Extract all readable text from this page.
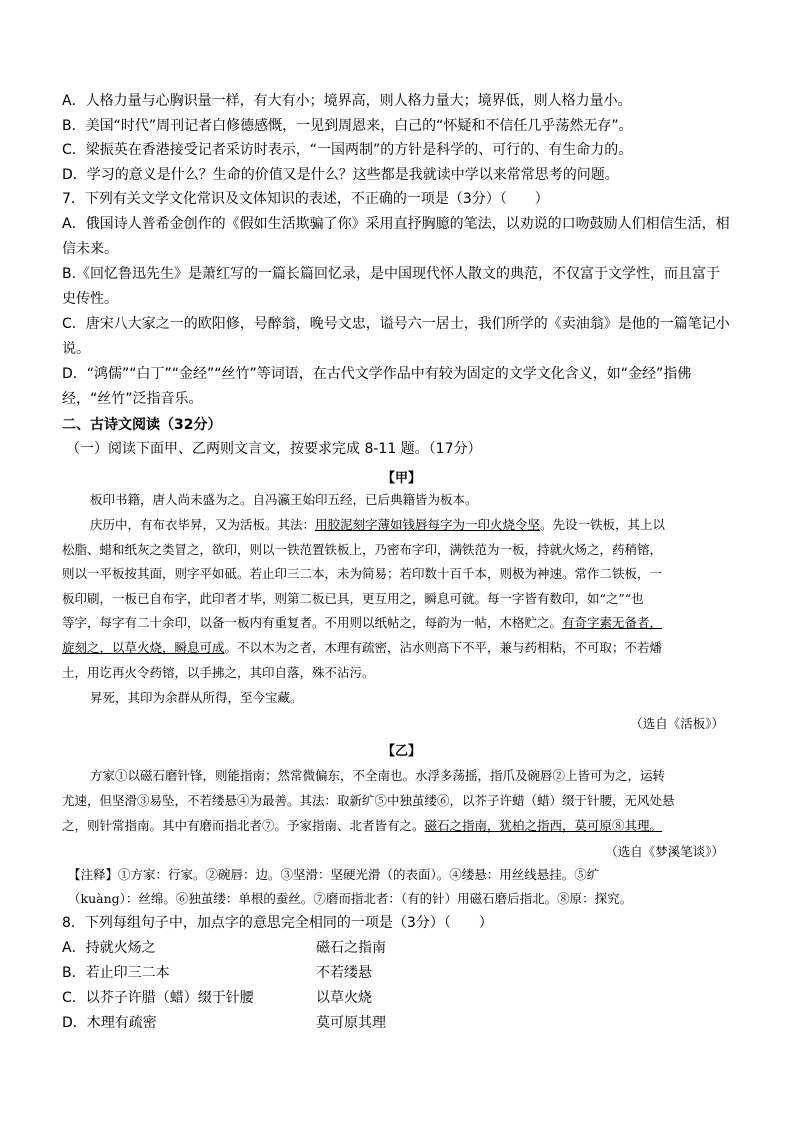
A．人格力量与心胸识量一样，有大有小；境界高，则人格力量大；境界低，则人格力量小。
B．美国“时代”周刊记者白修德感慨，一见到周恩来，白己的“怀疑和不信任几乎荡然无存”。
C．梁振英在香港接受记者采访时表示，“一国两制”的方针是科学的、可行的、有生命力的。
D．学习的意义是什么？生命的价值又是什么？这些都是我就读中学以来常常思考的问题。
7．下列有关文学文化常识及文体知识的表述，不正确的一项是（3分）（　　）
A．俄国诗人普希金创作的《假如生活欺骗了你》采用直抒胸臆的笔法，以劝说的口吻鼓励人们相信生活，相
信未来。
B.《回忆鲁迅先生》是萧红写的一篇长篇回忆录，是中国现代怀人散文的典范，不仅富于文学性，而且富于
史传性。
C．唐宋八大家之一的欧阳修，号醉翁，晚号文忠，谥号六一居士，我们所学的《卖油翁》是他的一篇笔记小
说。
D．“鸿儒”“白丁”“金经”“丝竹”等词语，在古代文学作品中有较为固定的文学文化含义，如“金经”指佛
经，“丝竹”泛指音乐。
二、古诗文阅读（32分）
（一）阅读下面甲、乙两则文言文，按要求完成 8-11 题。（17分）
【甲】
板印书籍，唐人尚未盛为之。自冯瀛王始印五经，已后典籍皆为板本。
庆历中，有布衣毕昇，又为活板。其法：用胶泥刻字薄如钱唇每字为一印火烧令坚。先设一铁板，其上以
松脂、蜡和纸灰之类冒之，欲印，则以一铁范置铁板上，乃密布字印，满铁范为一板，持就火炀之，药稍镕，
则以一平板按其面，则字平如砥。若止印三二本，未为简易；若印数十百千本，则极为神速。常作二铁板，一
板印刷，一板已自布字，此印者才毕，则第二板已具，更互用之，瞬息可就。每一字皆有数印，如“之”“也
等字，每字有二十余印，以备一板内有重复者。不用则以纸帖之，每韵为一帖，木格贮之。有奇字素无备者，
旋刻之，以草火烧，瞬息可成。不以木为之者，木理有疏密，沾水则高下不平，兼与药相粘，不可取；不若燔
土，用讫再火令药镕，以手拂之，其印自落，殊不沾污。
昇死，其印为余群从所得，至今宝藏。
（选自《活板》）
【乙】
方家①以磁石磨针锋，则能指南；然常微偏东，不全南也。水浮多荡摇，指爪及碗唇②上皆可为之，运转
尤速，但坚滑③易坠，不若缕悬④为最善。其法：取新纩⑤中独茧缕⑥，以芥子许蜡（蜡）缀于针腰，无风处悬
之，则针常指南。其中有磨而指北者⑦。予家指南、北者皆有之。磁石之指南，犹柏之指西，莫可原⑧其理。
（选自《梦溪笔谈》）
【注释】①方家：行家。②碗唇：边。③坚滑：坚硬光滑（的表面）。④缕悬：用丝线悬挂。⑤纩
（kuàng）：丝绵。⑥独茧缕：单根的蚕丝。⑦磨而指北者：（有的针）用磁石磨后指北。⑧原：探究。
8．下列每组句子中，加点字的意思完全相同的一项是（3分）（　　）
A．持就火炀之	磁石之指南
B．若止印三二本	不若缕悬
C．以芥子许腊（蜡）缀于针腰	以草火烧
D．木理有疏密	莫可原其理
